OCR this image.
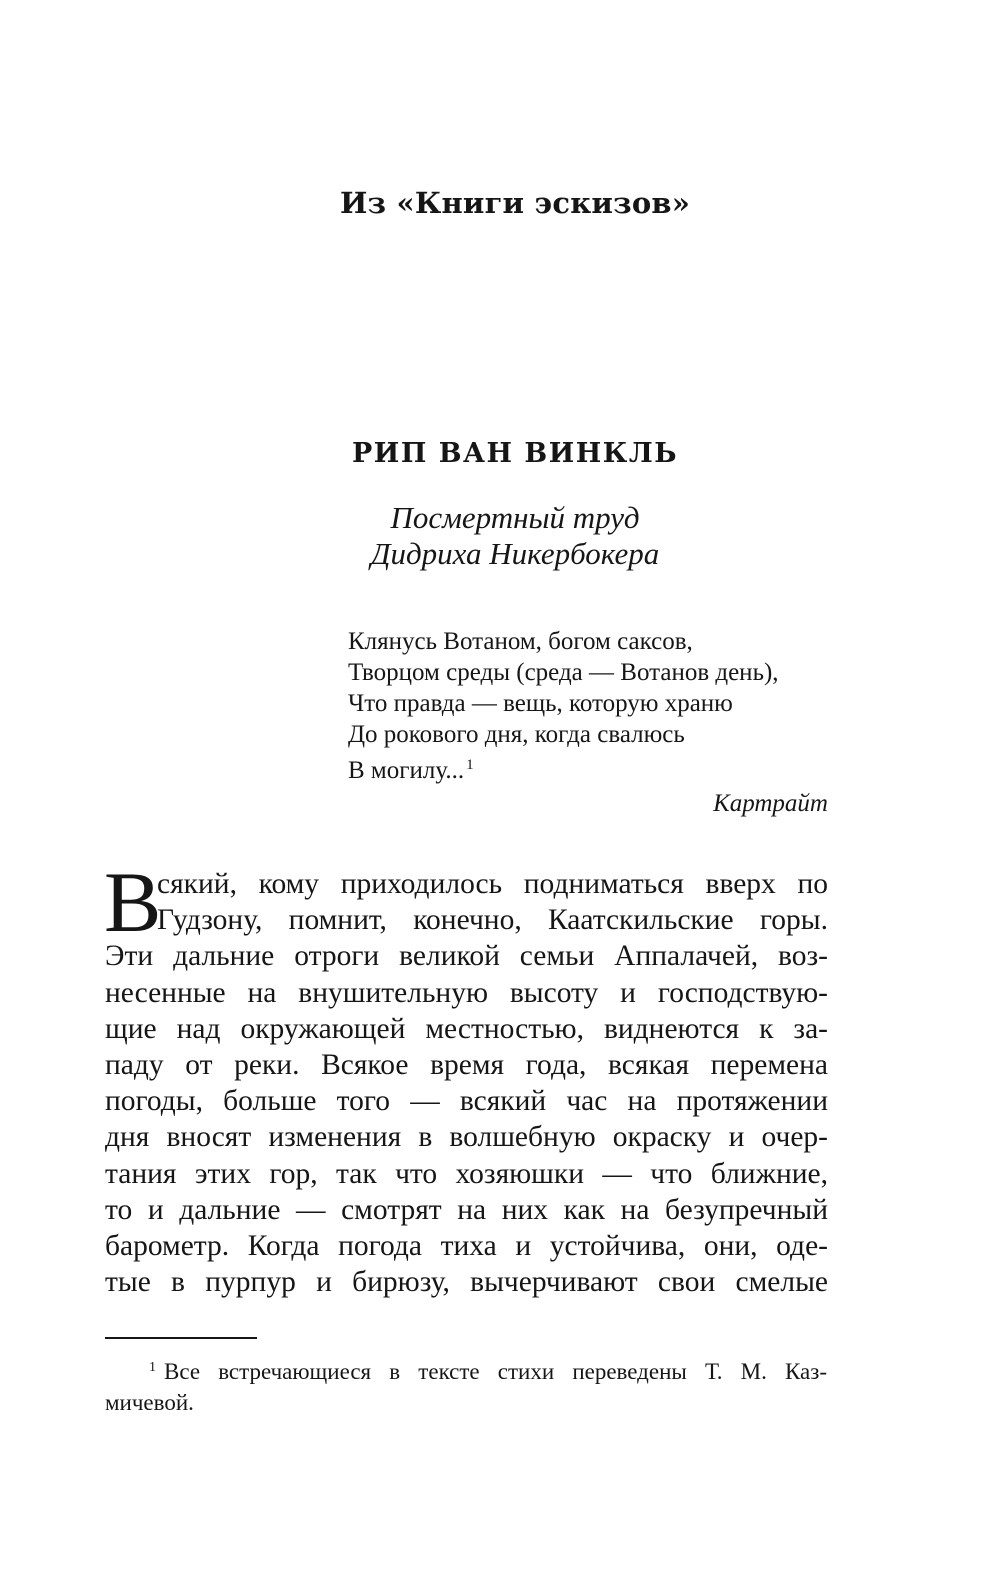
Из «Книги эскизов»
РИП ВАН ВИНКЛЬ
Посмертный труд
Дидриха Никербокера
Клянусь Вотаном, богом саксов,
Творцом среды (среда — Вотанов день),
Что правда — вещь, которую храню
До рокового дня, когда свалюсь
В могилу... $^1$
Картрайт
В
сякий, кому приходилось подниматься вверх по
Гудзону, помнит, конечно, Каатскильские горы.
Эти дальние отроги великой семьи Аппалачей, воз-
несенные на внушительную высоту и господствую-
щие над окружающей местностью, виднеются к за-
паду от реки. Всякое время года, всякая перемена
погоды, больше того — всякий час на протяжении
дня вносят изменения в волшебную окраску и очер-
тания этих гор, так что хозяюшки — что ближние,
то и дальние — смотрят на них как на безупречный
барометр. Когда погода тиха и устойчива, они, оде-
тые в пурпур и бирюзу, вычерчивают свои смелые
$^1$ Все встречающиеся в тексте стихи переведены Т. М. Каз-
мичевой.
